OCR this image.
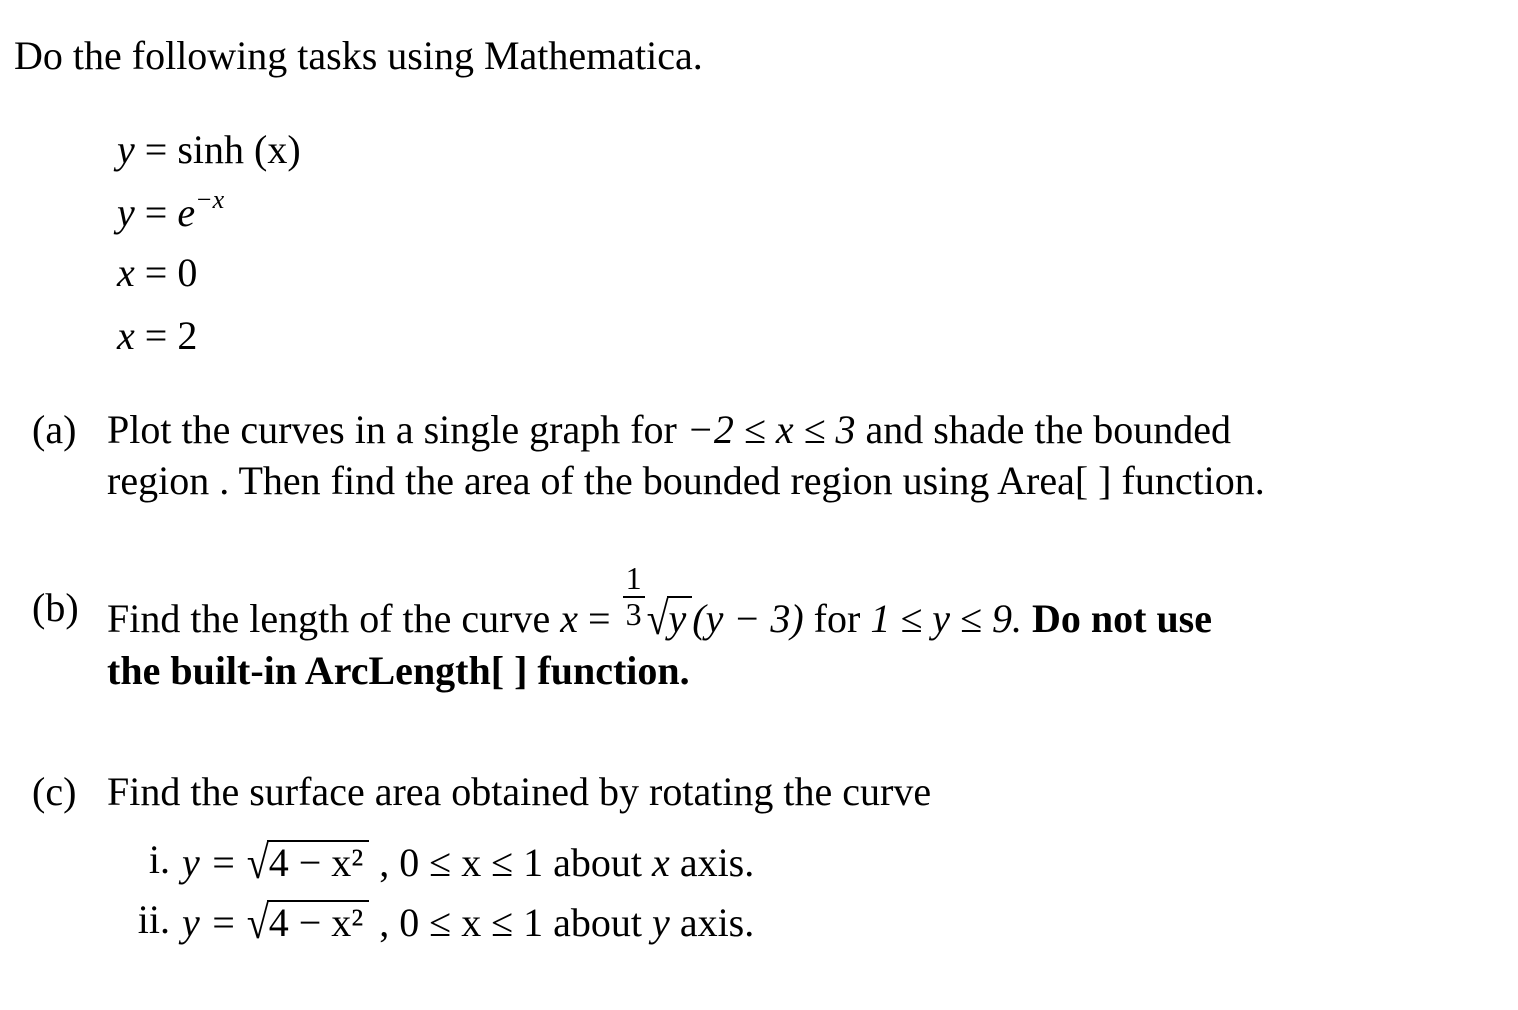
Do the following tasks using Mathematica.
y = sinh (x)
$y = e^{-x}$
x = 0
x = 2
(a) Plot the curves in a single graph for −2 ≤ x ≤ 3 and shade the bounded
region . Then find the area of the bounded region using Area[ ] function.
(b) Find the length of the curve $x = \frac{1}{3} √y$ (y − 3) for 1 ≤ y ≤ 9. Do not use
the built-in ArcLength[ ] function.
(c) Find the surface area obtained by rotating the curve
i. y = √4 − x² , 0 ≤ x ≤ 1 about x axis.
ii. y = √4 − x² , 0 ≤ x ≤ 1 about y axis.
